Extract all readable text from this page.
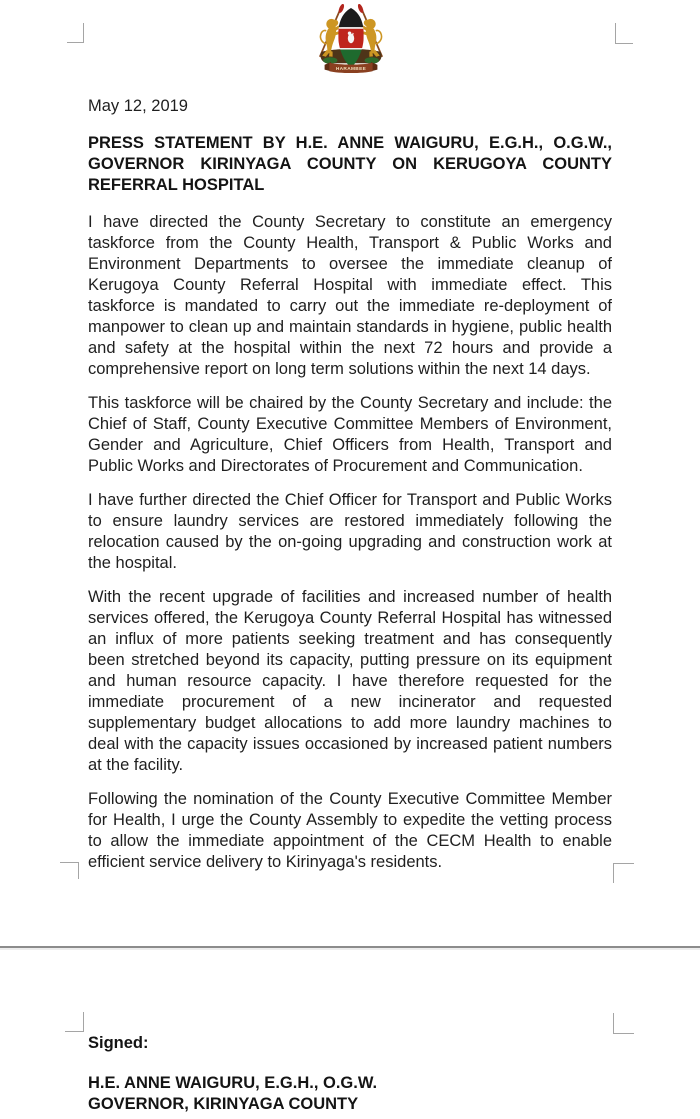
HARAMBEE

May 12, 2019

PRESS STATEMENT BY H.E. ANNE WAIGURU, E.G.H., O.G.W., GOVERNOR KIRINYAGA COUNTY ON KERUGOYA COUNTY REFERRAL HOSPITAL

I have directed the County Secretary to constitute an emergency taskforce from the County Health, Transport & Public Works and Environment Departments to oversee the immediate cleanup of Kerugoya County Referral Hospital with immediate effect. This taskforce is mandated to carry out the immediate re-deployment of manpower to clean up and maintain standards in hygiene, public health and safety at the hospital within the next 72 hours and provide a comprehensive report on long term solutions within the next 14 days.

This taskforce will be chaired by the County Secretary and include: the Chief of Staff, County Executive Committee Members of Environment, Gender and Agriculture, Chief Officers from Health, Transport and Public Works and Directorates of Procurement and Communication.

I have further directed the Chief Officer for Transport and Public Works to ensure laundry services are restored immediately following the relocation caused by the on-going upgrading and construction work at the hospital.

With the recent upgrade of facilities and increased number of health services offered, the Kerugoya County Referral Hospital has witnessed an influx of more patients seeking treatment and has consequently been stretched beyond its capacity, putting pressure on its equipment and human resource capacity. I have therefore requested for the immediate procurement of a new incinerator and requested supplementary budget allocations to add more laundry machines to deal with the capacity issues occasioned by increased patient numbers at the facility.

Following the nomination of the County Executive Committee Member for Health, I urge the County Assembly to expedite the vetting process to allow the immediate appointment of the CECM Health to enable efficient service delivery to Kirinyaga's residents.

Signed:

H.E. ANNE WAIGURU, E.G.H., O.G.W.

GOVERNOR, KIRINYAGA COUNTY
